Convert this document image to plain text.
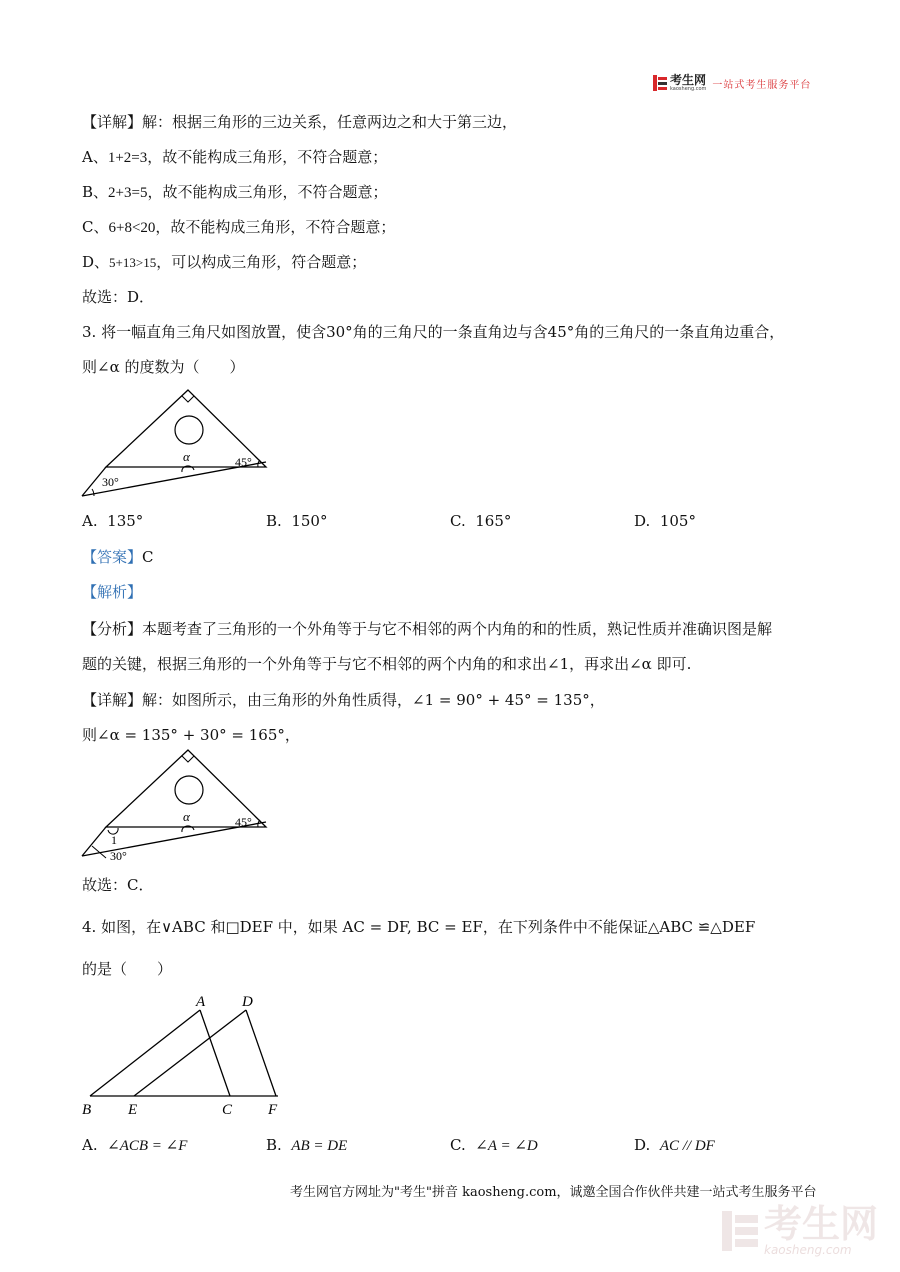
考生网
kaosheng.com 一站式考生服务平台
【详解】解：根据三角形的三边关系，任意两边之和大于第三边，
A、1+2=3，故不能构成三角形，不符合题意；
B、2+3=5，故不能构成三角形，不符合题意；
C、6+8<20，故不能构成三角形，不符合题意；
D、5+13>15，可以构成三角形，符合题意；
故选：D．
3. 将一幅直角三角尺如图放置，使含30°角的三角尺的一条直角边与含45°角的三角尺的一条直角边重合，
则∠α 的度数为（　　）
α	45°
30°
A. 135°	B. 150°	C. 165°	D. 105°
【答案】C
【解析】
【分析】本题考查了三角形的一个外角等于与它不相邻的两个内角的和的性质，熟记性质并准确识图是解
题的关键，根据三角形的一个外角等于与它不相邻的两个内角的和求出∠1，再求出∠α 即可.
【详解】解：如图所示，由三角形的外角性质得，∠1 = 90° + 45° = 135°，
则∠α = 135° + 30° = 165°，
α	45°
1
30°
故选：C．
4. 如图，在∨ABC 和□DEF 中，如果 AC = DF, BC = EF，在下列条件中不能保证△ABC ≌△DEF
的是（　　）
A D
B E	C F
A. ∠ACB = ∠F	B. AB = DE	C. ∠A = ∠D	D. AC // DF
考生网官方网址为"考生"拼音 kaosheng.com，诚邀全国合作伙伴共建一站式考生服务平台
考生网
kaosheng.com
